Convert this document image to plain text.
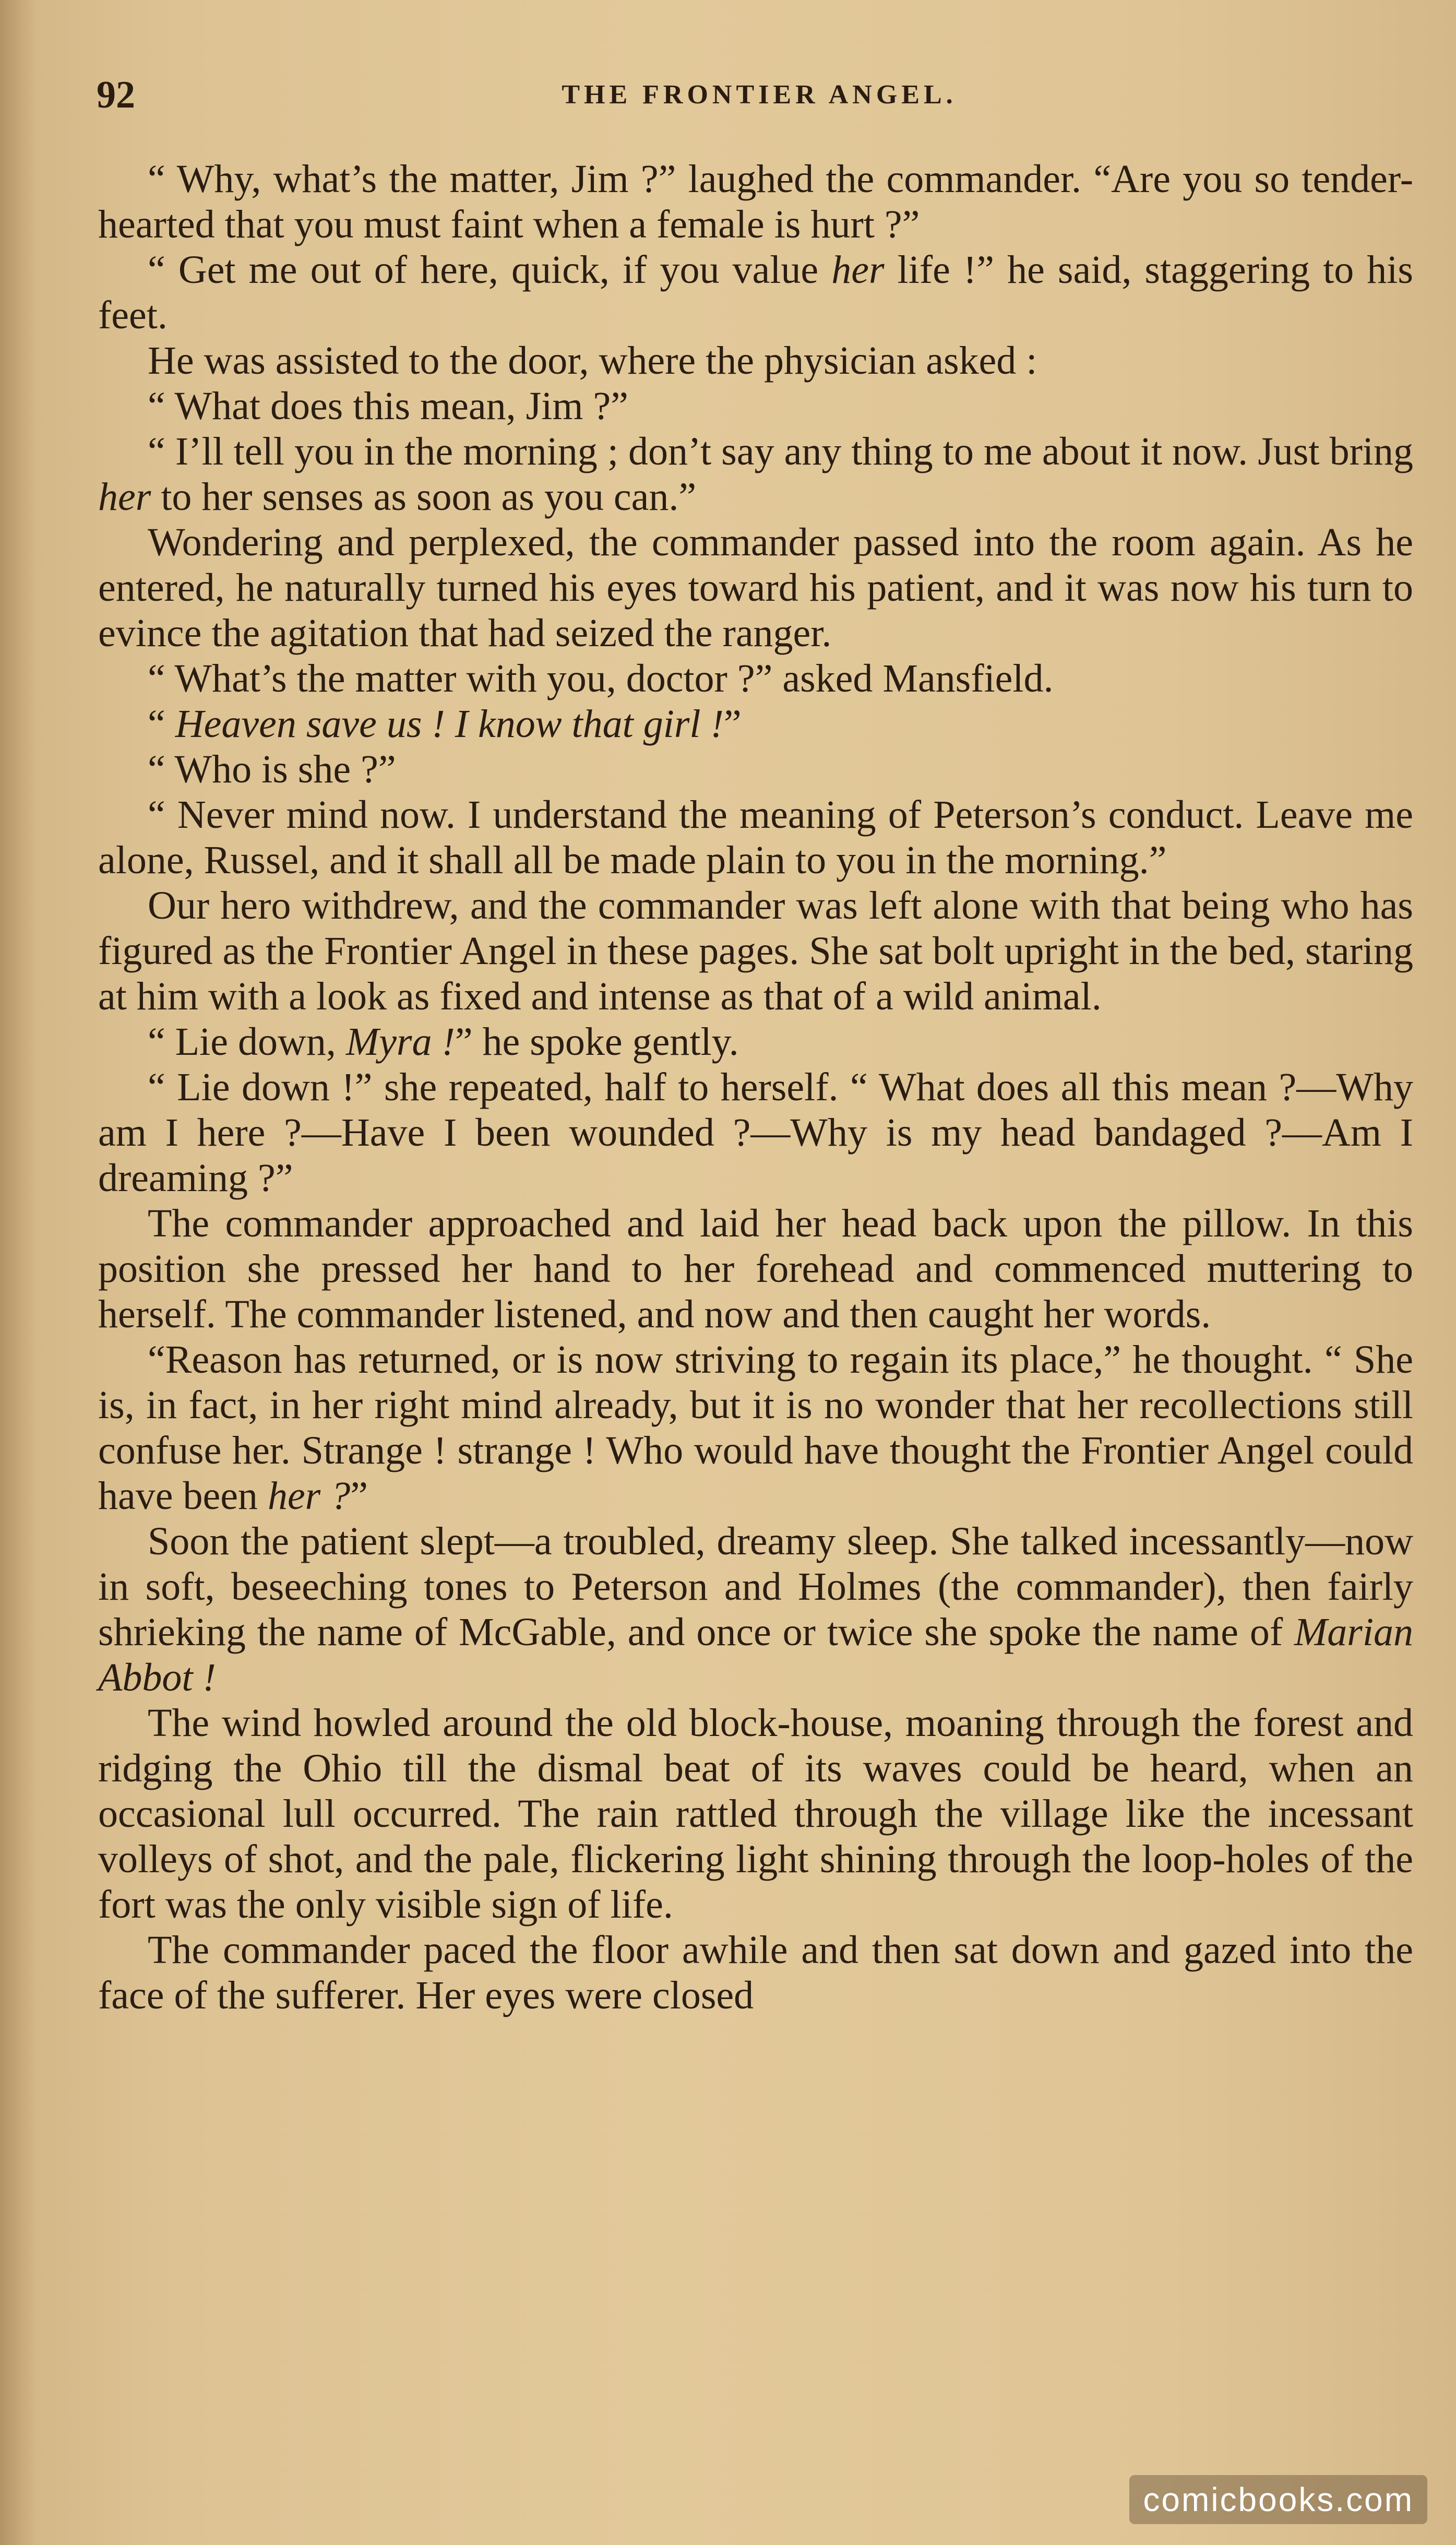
92	THE FRONTIER ANGEL.

“ Why, what’s the matter, Jim ?” laughed the commander. “Are you so tender-hearted that you must faint when a female is hurt ?”

“ Get me out of here, quick, if you value her life !” he said, staggering to his feet.

He was assisted to the door, where the physician asked :

“ What does this mean, Jim ?”

“ I’ll tell you in the morning ; don’t say any thing to me about it now. Just bring her to her senses as soon as you can.”

Wondering and perplexed, the commander passed into the room again. As he entered, he naturally turned his eyes toward his patient, and it was now his turn to evince the agitation that had seized the ranger.

“ What’s the matter with you, doctor ?” asked Mansfield.

“ Heaven save us ! I know that girl !”

“ Who is she ?”

“ Never mind now. I understand the meaning of Peterson’s conduct. Leave me alone, Russel, and it shall all be made plain to you in the morning.”

Our hero withdrew, and the commander was left alone with that being who has figured as the Frontier Angel in these pages. She sat bolt upright in the bed, staring at him with a look as fixed and intense as that of a wild animal.

“ Lie down, Myra !” he spoke gently.

“ Lie down !” she repeated, half to herself. “ What does all this mean ?—Why am I here ?—Have I been wounded ?—Why is my head bandaged ?—Am I dreaming ?”

The commander approached and laid her head back upon the pillow. In this position she pressed her hand to her forehead and commenced muttering to herself. The commander listened, and now and then caught her words.

“Reason has returned, or is now striving to regain its place,” he thought. “ She is, in fact, in her right mind already, but it is no wonder that her recollections still confuse her. Strange ! strange ! Who would have thought the Frontier Angel could have been her ?”

Soon the patient slept—a troubled, dreamy sleep. She talked incessantly—now in soft, beseeching tones to Peterson and Holmes (the commander), then fairly shrieking the name of McGable, and once or twice she spoke the name of Marian Abbot !

The wind howled around the old block-house, moaning through the forest and ridging the Ohio till the dismal beat of its waves could be heard, when an occasional lull occurred. The rain rattled through the village like the incessant volleys of shot, and the pale, flickering light shining through the loop-holes of the fort was the only visible sign of life.

The commander paced the floor awhile and then sat down and gazed into the face of the sufferer. Her eyes were closed

comicbooks.com
